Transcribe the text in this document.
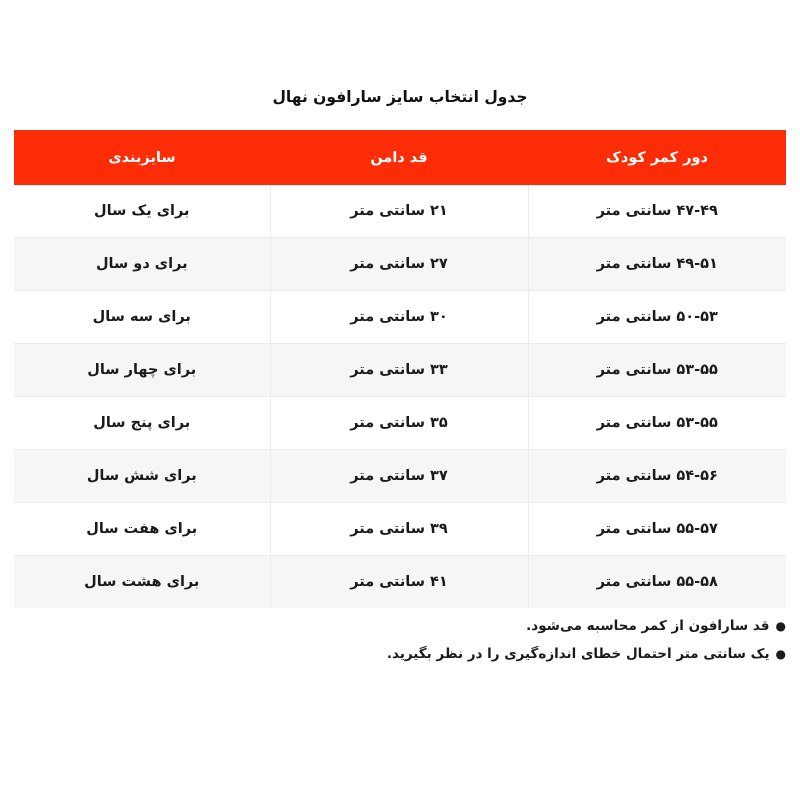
جدول انتخاب سایز سارافون نهال
دور کمر کودک	قد دامن	سایزبندی
۴۷-۴۹ سانتی متر	۲۱ سانتی متر	برای یک سال
۴۹-۵۱ سانتی متر	۲۷ سانتی متر	برای دو سال
۵۰-۵۳ سانتی متر	۳۰ سانتی متر	برای سه سال
۵۳-۵۵ سانتی متر	۳۳ سانتی متر	برای چهار سال
۵۳-۵۵ سانتی متر	۳۵ سانتی متر	برای پنج سال
۵۴-۵۶ سانتی متر	۳۷ سانتی متر	برای شش سال
۵۵-۵۷ سانتی متر	۳۹ سانتی متر	برای هفت سال
۵۵-۵۸ سانتی متر	۴۱ سانتی متر	برای هشت سال
●قد سارافون از کمر محاسبه می‌شود.
●یک سانتی متر احتمال خطای اندازه‌گیری را در نظر بگیرید.
